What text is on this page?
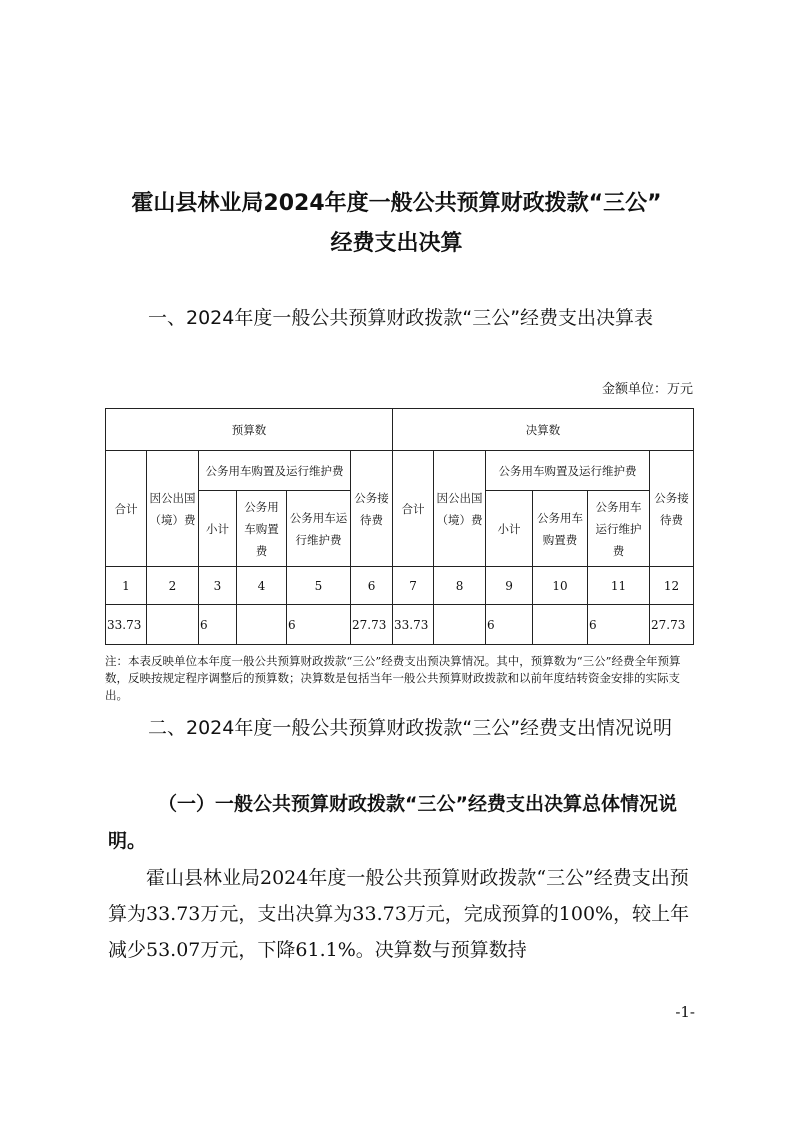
霍山县林业局2024年度一般公共预算财政拨款“三公”
经费支出决算
一、2024年度一般公共预算财政拨款“三公”经费支出决算表
金额单位：万元
预算数						决算数					
合计	因公出国（境）费	公务用车购置及运行维护费			公务接待费	合计	因公出国（境）费	公务用车购置及运行维护费			公务接待费
		小计	公务用车购置费	公务用车运行维护费				小计	公务用车购置费	公务用车运行维护费	
1	2	3	4	5	6	7	8	9	10	11	12
33.73		6		6	27.73	33.73		6		6	27.73
注：本表反映单位本年度一般公共预算财政拨款“三公”经费支出预决算情况。其中，预算数为“三公”经费全年预算数，反映按规定程序调整后的预算数；决算数是包括当年一般公共预算财政拨款和以前年度结转资金安排的实际支出。
二、2024年度一般公共预算财政拨款“三公”经费支出情况说明
（一）一般公共预算财政拨款“三公”经费支出决算总体情况说明。
霍山县林业局2024年度一般公共预算财政拨款“三公”经费支出预算为33.73万元，支出决算为33.73万元，完成预算的100%，较上年减少53.07万元，下降61.1%。决算数与预算数持
-1-
